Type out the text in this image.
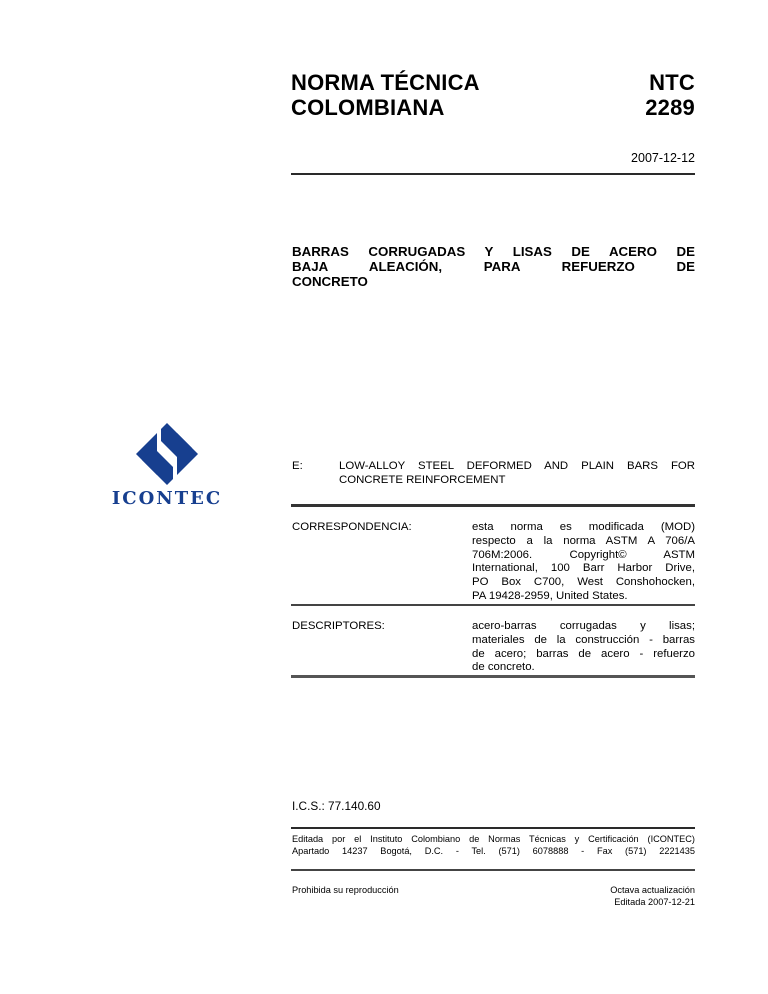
NORMA TÉCNICA
COLOMBIANA
NTC
2289
2007-12-12
BARRAS CORRUGADAS Y LISAS DE ACERO DE
BAJA ALEACIÓN, PARA REFUERZO DE
CONCRETO
ICONTEC
E:	LOW-ALLOY STEEL DEFORMED AND PLAIN BARS FOR
CONCRETE REINFORCEMENT
CORRESPONDENCIA:	esta norma es modificada (MOD)
respecto a la norma ASTM A 706/A
706M:2006. Copyright© ASTM
International, 100 Barr Harbor Drive,
PO Box C700, West Conshohocken,
PA 19428-2959, United States.
DESCRIPTORES:	acero-barras corrugadas y lisas;
materiales de la construcción - barras
de acero; barras de acero - refuerzo
de concreto.
I.C.S.: 77.140.60
Editada por el Instituto Colombiano de Normas Técnicas y Certificación (ICONTEC)
Apartado 14237 Bogotá, D.C. - Tel. (571) 6078888 - Fax (571) 2221435
Prohibida su reproducción	Octava actualización
Editada 2007-12-21
